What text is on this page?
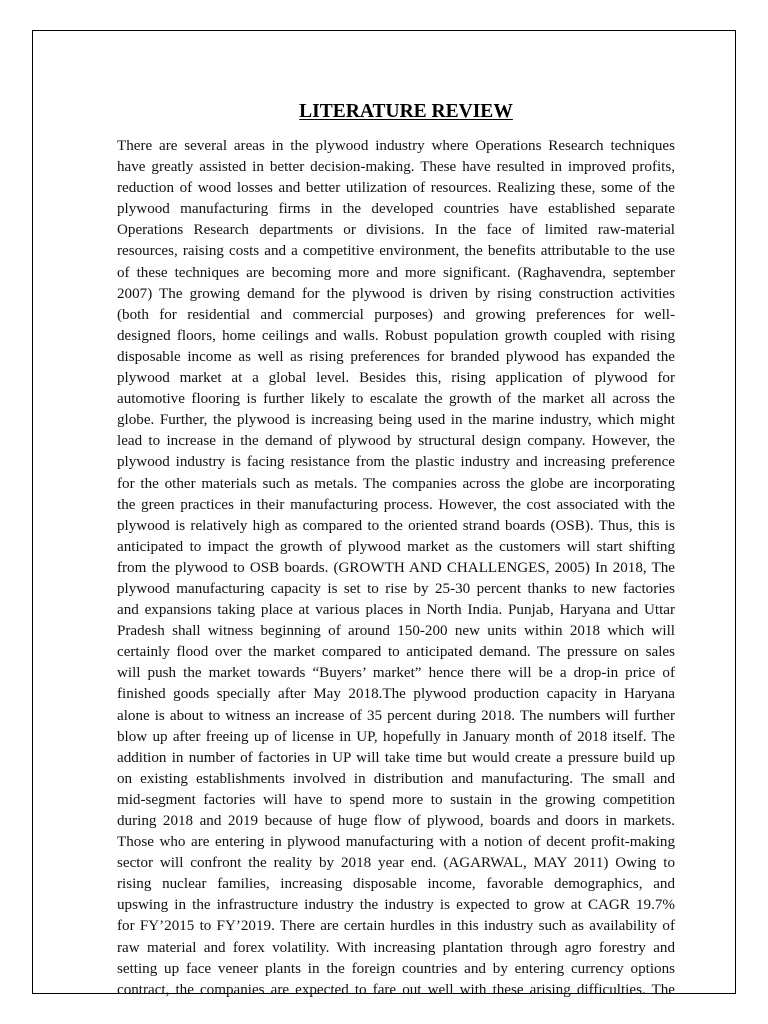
LITERATURE REVIEW
There are several areas in the plywood industry where Operations Research techniques
have greatly assisted in better decision-making. These have resulted in improved profits,
reduction of wood losses and better utilization of resources. Realizing these, some of the
plywood manufacturing firms in the developed countries have established separate
Operations Research departments or divisions. In the face of limited raw-material
resources, raising costs and a competitive environment, the benefits attributable to the use
of these techniques are becoming more and more significant. (Raghavendra, september
2007) The growing demand for the plywood is driven by rising construction activities
(both for residential and commercial purposes) and growing preferences for well-
designed floors, home ceilings and walls. Robust population growth coupled with rising
disposable income as well as rising preferences for branded plywood has expanded the
plywood market at a global level. Besides this, rising application of plywood for
automotive flooring is further likely to escalate the growth of the market all across the
globe. Further, the plywood is increasing being used in the marine industry, which might
lead to increase in the demand of plywood by structural design company. However, the
plywood industry is facing resistance from the plastic industry and increasing preference
for the other materials such as metals. The companies across the globe are incorporating
the green practices in their manufacturing process. However, the cost associated with the
plywood is relatively high as compared to the oriented strand boards (OSB). Thus, this is
anticipated to impact the growth of plywood market as the customers will start shifting
from the plywood to OSB boards. (GROWTH AND CHALLENGES, 2005) In 2018, The
plywood manufacturing capacity is set to rise by 25-30 percent thanks to new factories
and expansions taking place at various places in North India. Punjab, Haryana and Uttar
Pradesh shall witness beginning of around 150-200 new units within 2018 which will
certainly flood over the market compared to anticipated demand. The pressure on sales
will push the market towards “Buyers’ market” hence there will be a drop-in price of
finished goods specially after May 2018.The plywood production capacity in Haryana
alone is about to witness an increase of 35 percent during 2018. The numbers will further
blow up after freeing up of license in UP, hopefully in January month of 2018 itself. The
addition in number of factories in UP will take time but would create a pressure build up
on existing establishments involved in distribution and manufacturing. The small and
mid-segment factories will have to spend more to sustain in the growing competition
during 2018 and 2019 because of huge flow of plywood, boards and doors in markets.
Those who are entering in plywood manufacturing with a notion of decent profit-making
sector will confront the reality by 2018 year end. (AGARWAL, MAY 2011) Owing to
rising nuclear families, increasing disposable income, favorable demographics, and
upswing in the infrastructure industry the industry is expected to grow at CAGR 19.7%
for FY’2015 to FY’2019. There are certain hurdles in this industry such as availability of
raw material and forex volatility. With increasing plantation through agro forestry and
setting up face veneer plants in the foreign countries and by entering currency options
contract, the companies are expected to fare out well with these arising difficulties. The
